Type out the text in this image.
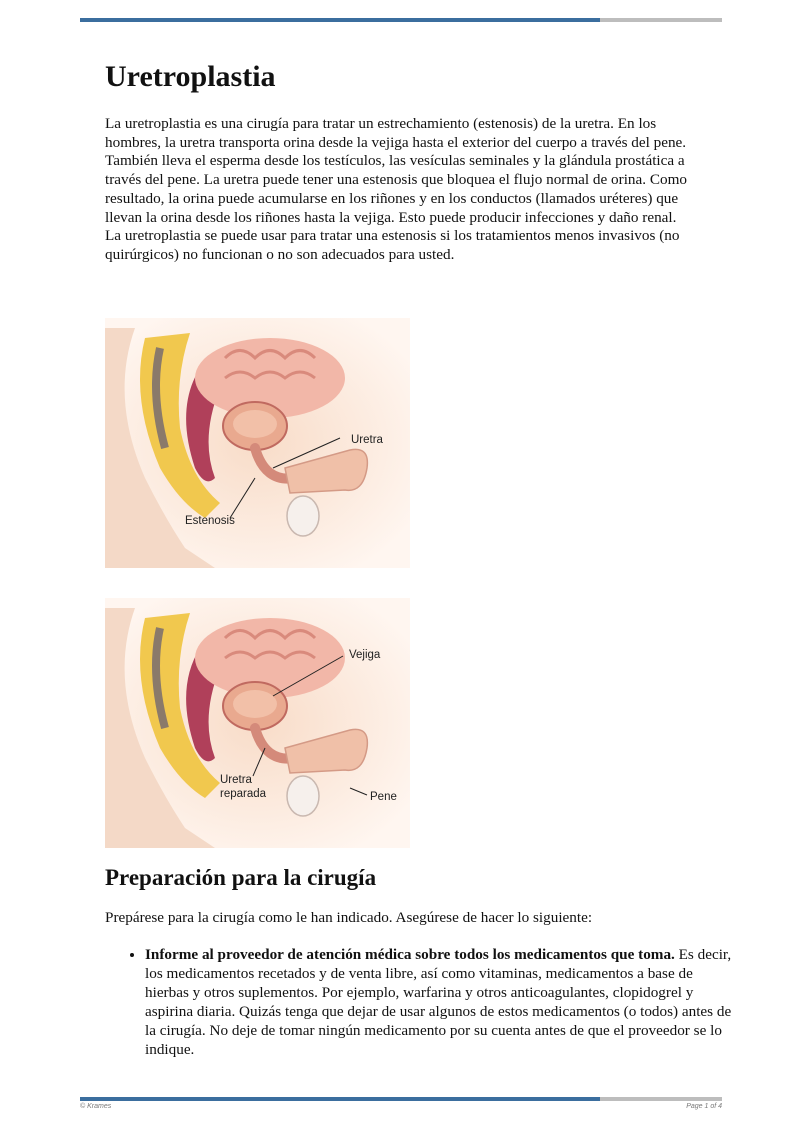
Uretroplastia

La uretroplastia es una cirugía para tratar un estrechamiento (estenosis) de la uretra. En los hombres, la uretra transporta orina desde la vejiga hasta el exterior del cuerpo a través del pene. También lleva el esperma desde los testículos, las vesículas seminales y la glándula prostática a través del pene. La uretra puede tener una estenosis que bloquea el flujo normal de orina. Como resultado, la orina puede acumularse en los riñones y en los conductos (llamados uréteres) que llevan la orina desde los riñones hasta la vejiga. Esto puede producir infecciones y daño renal. La uretroplastia se puede usar para tratar una estenosis si los tratamientos menos invasivos (no quirúrgicos) no funcionan o no son adecuados para usted.

Uretra
Estenosis
Vejiga
Uretra
reparada	Pene
Preparación para la cirugía

Prepárese para la cirugía como le han indicado. Asegúrese de hacer lo siguiente:

• Informe al proveedor de atención médica sobre todos los medicamentos que toma. Es decir, los medicamentos recetados y de venta libre, así como vitaminas, medicamentos a base de hierbas y otros suplementos. Por ejemplo, warfarina y otros anticoagulantes, clopidogrel y aspirina diaria. Quizás tenga que dejar de usar algunos de estos medicamentos (o todos) antes de la cirugía. No deje de tomar ningún medicamento por su cuenta antes de que el proveedor se lo indique.
© Krames	Page 1 of 4
